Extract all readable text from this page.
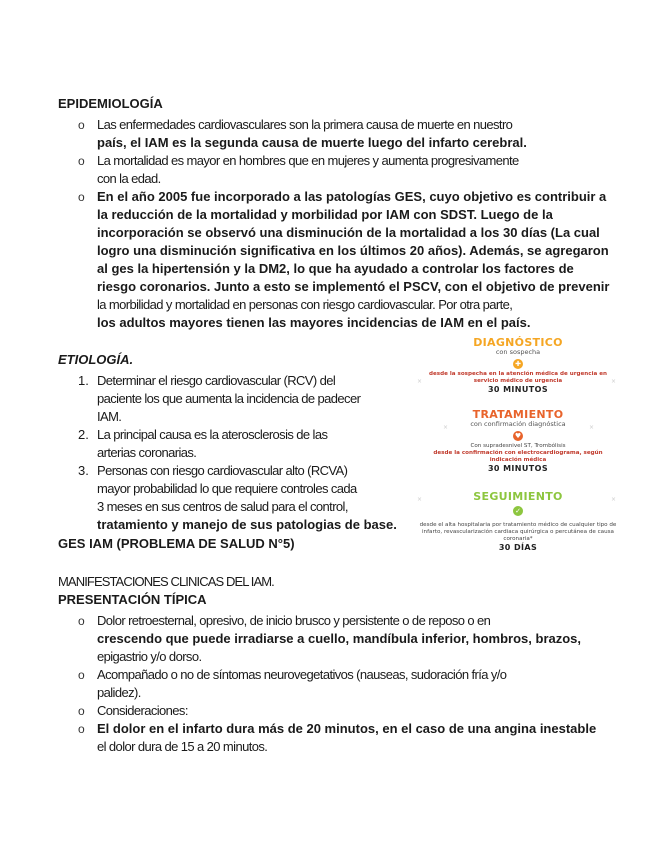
EPIDEMIOLOGÍA
o Las enfermedades cardiovasculares son la primera causa de muerte en nuestro
país, el IAM es la segunda causa de muerte luego del infarto cerebral.
o La mortalidad es mayor en hombres que en mujeres y aumenta progresivamente
con la edad.
o En el año 2005 fue incorporado a las patologías GES, cuyo objetivo es contribuir a
la reducción de la mortalidad y morbilidad por IAM con SDST. Luego de la
incorporación se observó una disminución de la mortalidad a los 30 días (La cual
logro una disminución significativa en los últimos 20 años). Además, se agregaron
al ges la hipertensión y la DM2, lo que ha ayudado a controlar los factores de
riesgo coronarios. Junto a esto se implementó el PSCV, con el objetivo de prevenir
la morbilidad y mortalidad en personas con riesgo cardiovascular. Por otra parte,
los adultos mayores tienen las mayores incidencias de IAM en el país.
ETIOLOGÍA.
1. Determinar el riesgo cardiovascular (RCV) del
paciente los que aumenta la incidencia de padecer
IAM.
2. La principal causa es la aterosclerosis de las
arterias coronarias.
3. Personas con riesgo cardiovascular alto (RCVA)
mayor probabilidad lo que requiere controles cada
3 meses en sus centros de salud para el control,
tratamiento y manejo de sus patologias de base.
GES IAM (PROBLEMA DE SALUD N°5)
MANIFESTACIONES CLINICAS DEL IAM.
PRESENTACIÓN TÍPICA
o Dolor retroesternal, opresivo, de inicio brusco y persistente o de reposo o en
crescendo que puede irradiarse a cuello, mandíbula inferior, hombros, brazos,
epigastrio y/o dorso.
o Acompañado o no de síntomas neurovegetativos (nauseas, sudoración fría y/o
palidez).
o Consideraciones:
o El dolor en el infarto dura más de 20 minutos, en el caso de una angina inestable
el dolor dura de 15 a 20 minutos.
×	×
×	×
×	×
DIAGNÓSTICO
con sospecha
✚
desde la sospecha en la atención médica de urgencia en servicio médico de urgencia
30 MINUTOS
TRATAMIENTO
con confirmación diagnóstica
♥
Con supradesnivel ST, Trombólisis
desde la confirmación con electrocardiograma, según indicación médica
30 MINUTOS
SEGUIMIENTO
✓
desde el alta hospitalaria por tratamiento médico de cualquier tipo de infarto, revascularización cardiaca quirúrgica o percutánea de causa coronaria*
30 DÍAS
